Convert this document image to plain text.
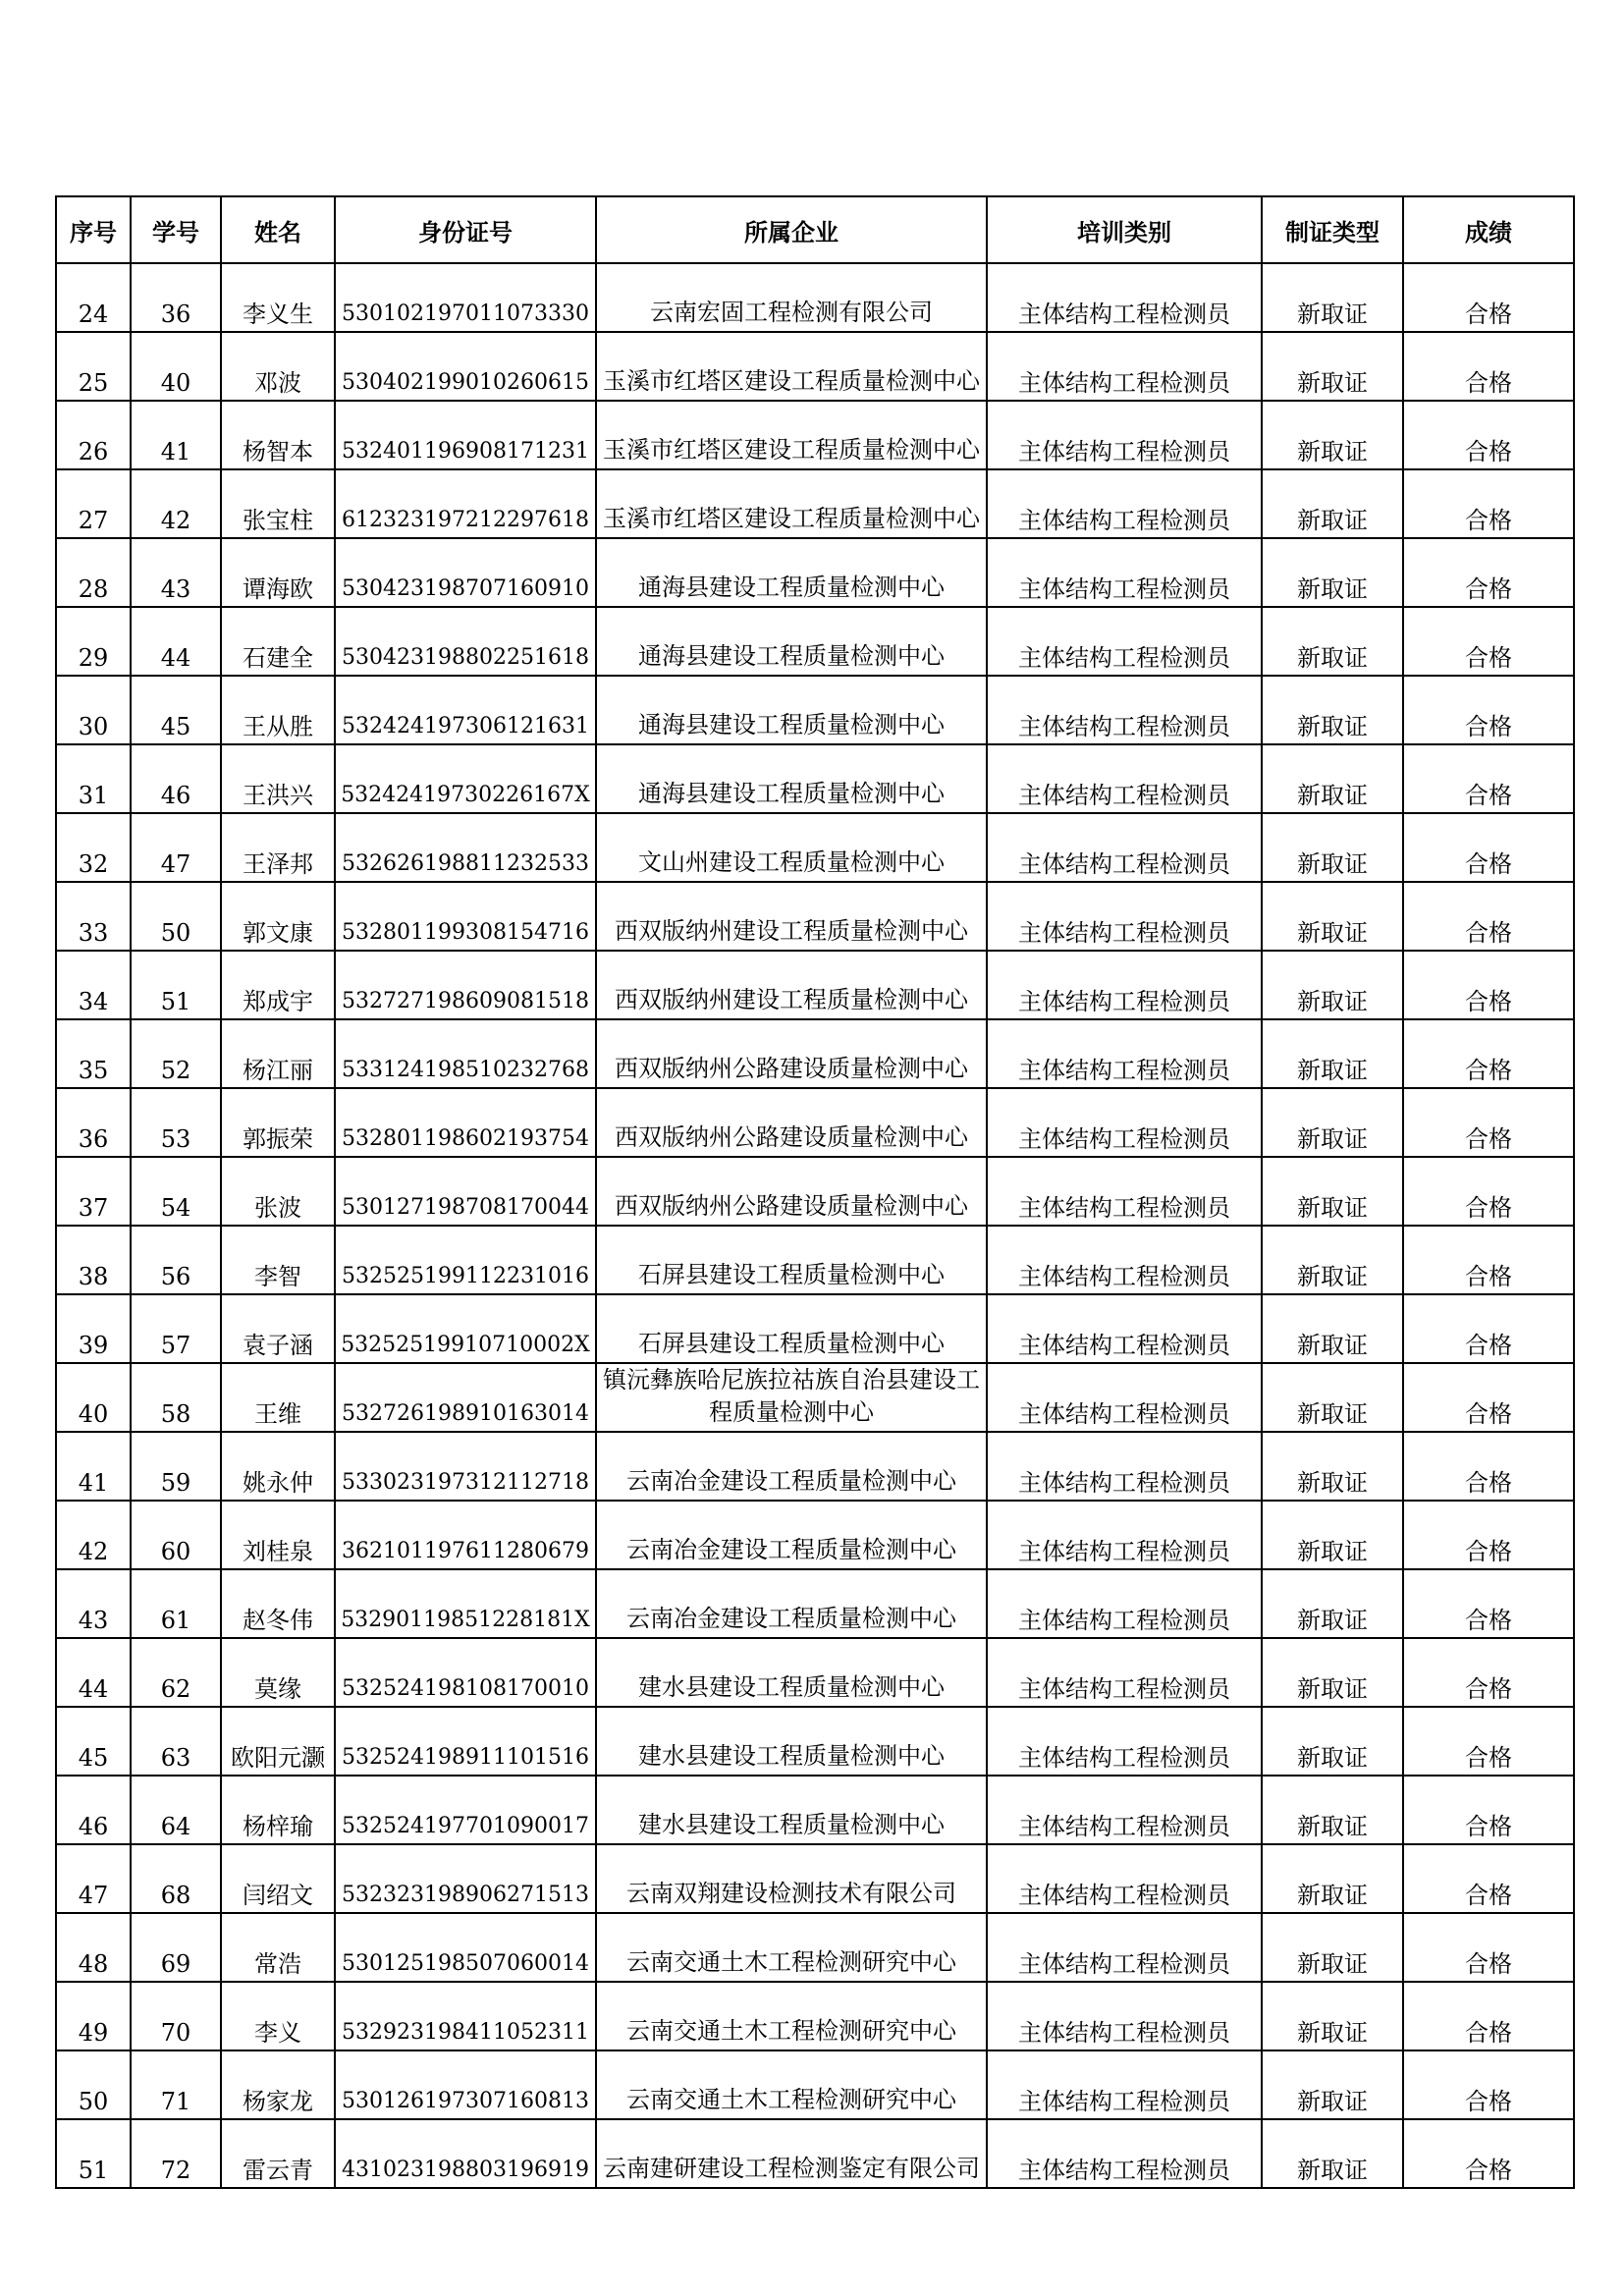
序号	学号	姓名	身份证号	所属企业	培训类别	制证类型	成绩
24	36	李义生	530102197011073330	云南宏固工程检测有限公司	主体结构工程检测员	新取证	合格
25	40	邓波	530402199010260615	玉溪市红塔区建设工程质量检测中心	主体结构工程检测员	新取证	合格
26	41	杨智本	532401196908171231	玉溪市红塔区建设工程质量检测中心	主体结构工程检测员	新取证	合格
27	42	张宝柱	612323197212297618	玉溪市红塔区建设工程质量检测中心	主体结构工程检测员	新取证	合格
28	43	谭海欧	530423198707160910	通海县建设工程质量检测中心	主体结构工程检测员	新取证	合格
29	44	石建全	530423198802251618	通海县建设工程质量检测中心	主体结构工程检测员	新取证	合格
30	45	王从胜	532424197306121631	通海县建设工程质量检测中心	主体结构工程检测员	新取证	合格
31	46	王洪兴	53242419730226167X	通海县建设工程质量检测中心	主体结构工程检测员	新取证	合格
32	47	王泽邦	532626198811232533	文山州建设工程质量检测中心	主体结构工程检测员	新取证	合格
33	50	郭文康	532801199308154716	西双版纳州建设工程质量检测中心	主体结构工程检测员	新取证	合格
34	51	郑成宇	532727198609081518	西双版纳州建设工程质量检测中心	主体结构工程检测员	新取证	合格
35	52	杨江丽	533124198510232768	西双版纳州公路建设质量检测中心	主体结构工程检测员	新取证	合格
36	53	郭振荣	532801198602193754	西双版纳州公路建设质量检测中心	主体结构工程检测员	新取证	合格
37	54	张波	530127198708170044	西双版纳州公路建设质量检测中心	主体结构工程检测员	新取证	合格
38	56	李智	532525199112231016	石屏县建设工程质量检测中心	主体结构工程检测员	新取证	合格
39	57	袁子涵	53252519910710002X	石屏县建设工程质量检测中心	主体结构工程检测员	新取证	合格
40	58	王维	532726198910163014	镇沅彝族哈尼族拉祜族自治县建设工程质量检测中心	主体结构工程检测员	新取证	合格
41	59	姚永仲	533023197312112718	云南冶金建设工程质量检测中心	主体结构工程检测员	新取证	合格
42	60	刘桂泉	362101197611280679	云南冶金建设工程质量检测中心	主体结构工程检测员	新取证	合格
43	61	赵冬伟	53290119851228181X	云南冶金建设工程质量检测中心	主体结构工程检测员	新取证	合格
44	62	莫缘	532524198108170010	建水县建设工程质量检测中心	主体结构工程检测员	新取证	合格
45	63	欧阳元灏	532524198911101516	建水县建设工程质量检测中心	主体结构工程检测员	新取证	合格
46	64	杨梓瑜	532524197701090017	建水县建设工程质量检测中心	主体结构工程检测员	新取证	合格
47	68	闫绍文	532323198906271513	云南双翔建设检测技术有限公司	主体结构工程检测员	新取证	合格
48	69	常浩	530125198507060014	云南交通土木工程检测研究中心	主体结构工程检测员	新取证	合格
49	70	李义	532923198411052311	云南交通土木工程检测研究中心	主体结构工程检测员	新取证	合格
50	71	杨家龙	530126197307160813	云南交通土木工程检测研究中心	主体结构工程检测员	新取证	合格
51	72	雷云青	431023198803196919	云南建研建设工程检测鉴定有限公司	主体结构工程检测员	新取证	合格
